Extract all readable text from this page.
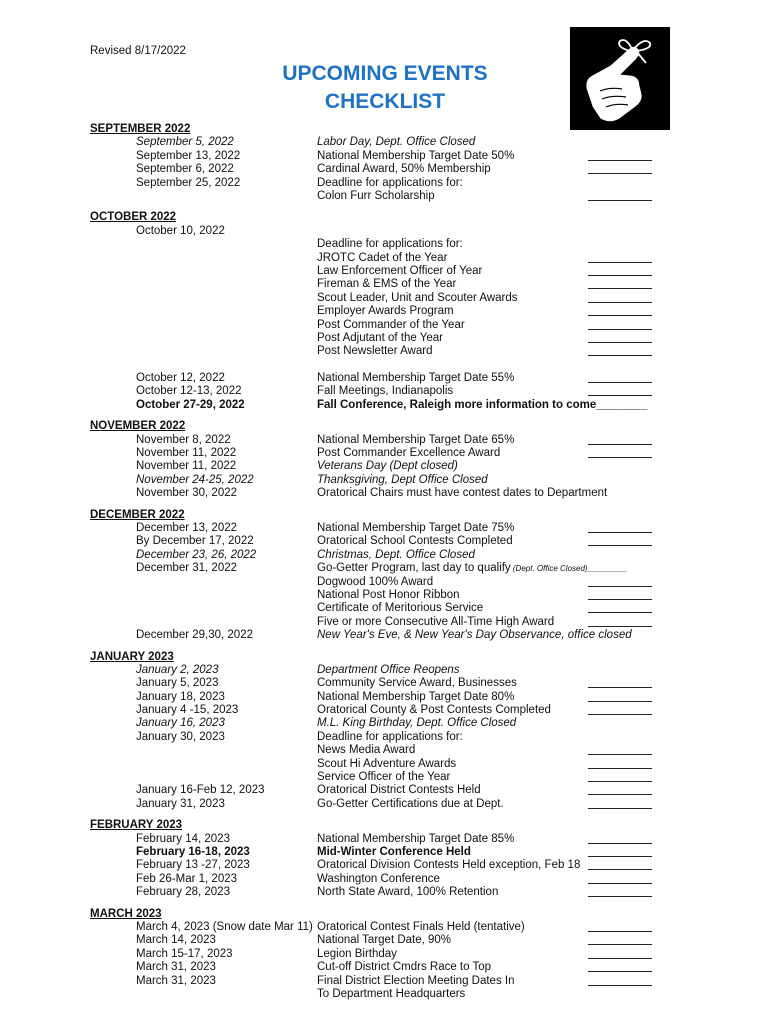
Revised 8/17/2022
UPCOMING EVENTS
CHECKLIST
SEPTEMBER 2022
September 5, 2022	Labor Day, Dept. Office Closed
September 13, 2022	National Membership Target Date 50%
September 6, 2022	Cardinal Award, 50% Membership
September 25, 2022	Deadline for applications for:
Colon Furr Scholarship
OCTOBER 2022
October 10, 2022
Deadline for applications for:
JROTC Cadet of the Year
Law Enforcement Officer of Year
Fireman & EMS of the Year
Scout Leader, Unit and Scouter Awards
Employer Awards Program
Post Commander of the Year
Post Adjutant of the Year
Post Newsletter Award
October 12, 2022	National Membership Target Date 55%
October 12-13, 2022	Fall Meetings, Indianapolis
October 27-29, 2022	Fall Conference, Raleigh more information to come________
NOVEMBER 2022
November 8, 2022	National Membership Target Date 65%
November 11, 2022	Post Commander Excellence Award
November 11, 2022	Veterans Day (Dept closed)
November 24-25, 2022	Thanksgiving, Dept Office Closed
November 30, 2022	Oratorical Chairs must have contest dates to Department
DECEMBER 2022
December 13, 2022	National Membership Target Date 75%
By December 17, 2022	Oratorical School Contests Completed
December 23, 26, 2022	Christmas, Dept. Office Closed
December 31, 2022	Go-Getter Program, last day to qualify (Dept. Office Closed)_________
Dogwood 100% Award
National Post Honor Ribbon
Certificate of Meritorious Service
Five or more Consecutive All-Time High Award
December 29,30, 2022	New Year's Eve, & New Year's Day Observance, office closed
JANUARY 2023
January 2, 2023	Department Office Reopens
January 5, 2023	Community Service Award, Businesses
January 18, 2023	National Membership Target Date 80%
January 4 -15, 2023	Oratorical County & Post Contests Completed
January 16, 2023	M.L. King Birthday, Dept. Office Closed
January 30, 2023	Deadline for applications for:
News Media Award
Scout Hi Adventure Awards
Service Officer of the Year
January 16-Feb 12, 2023	Oratorical District Contests Held
January 31, 2023	Go-Getter Certifications due at Dept.
FEBRUARY 2023
February 14, 2023	National Membership Target Date 85%
February 16-18, 2023	Mid-Winter Conference Held
February 13 -27, 2023	Oratorical Division Contests Held exception, Feb 18
Feb 26-Mar 1, 2023	Washington Conference
February 28, 2023	North State Award, 100% Retention
MARCH 2023
March 4, 2023 (Snow date Mar 11) Oratorical Contest Finals Held (tentative)
March 14, 2023	National Target Date, 90%
March 15-17, 2023	Legion Birthday
March 31, 2023	Cut-off District Cmdrs Race to Top
March 31, 2023	Final District Election Meeting Dates In
To Department Headquarters
